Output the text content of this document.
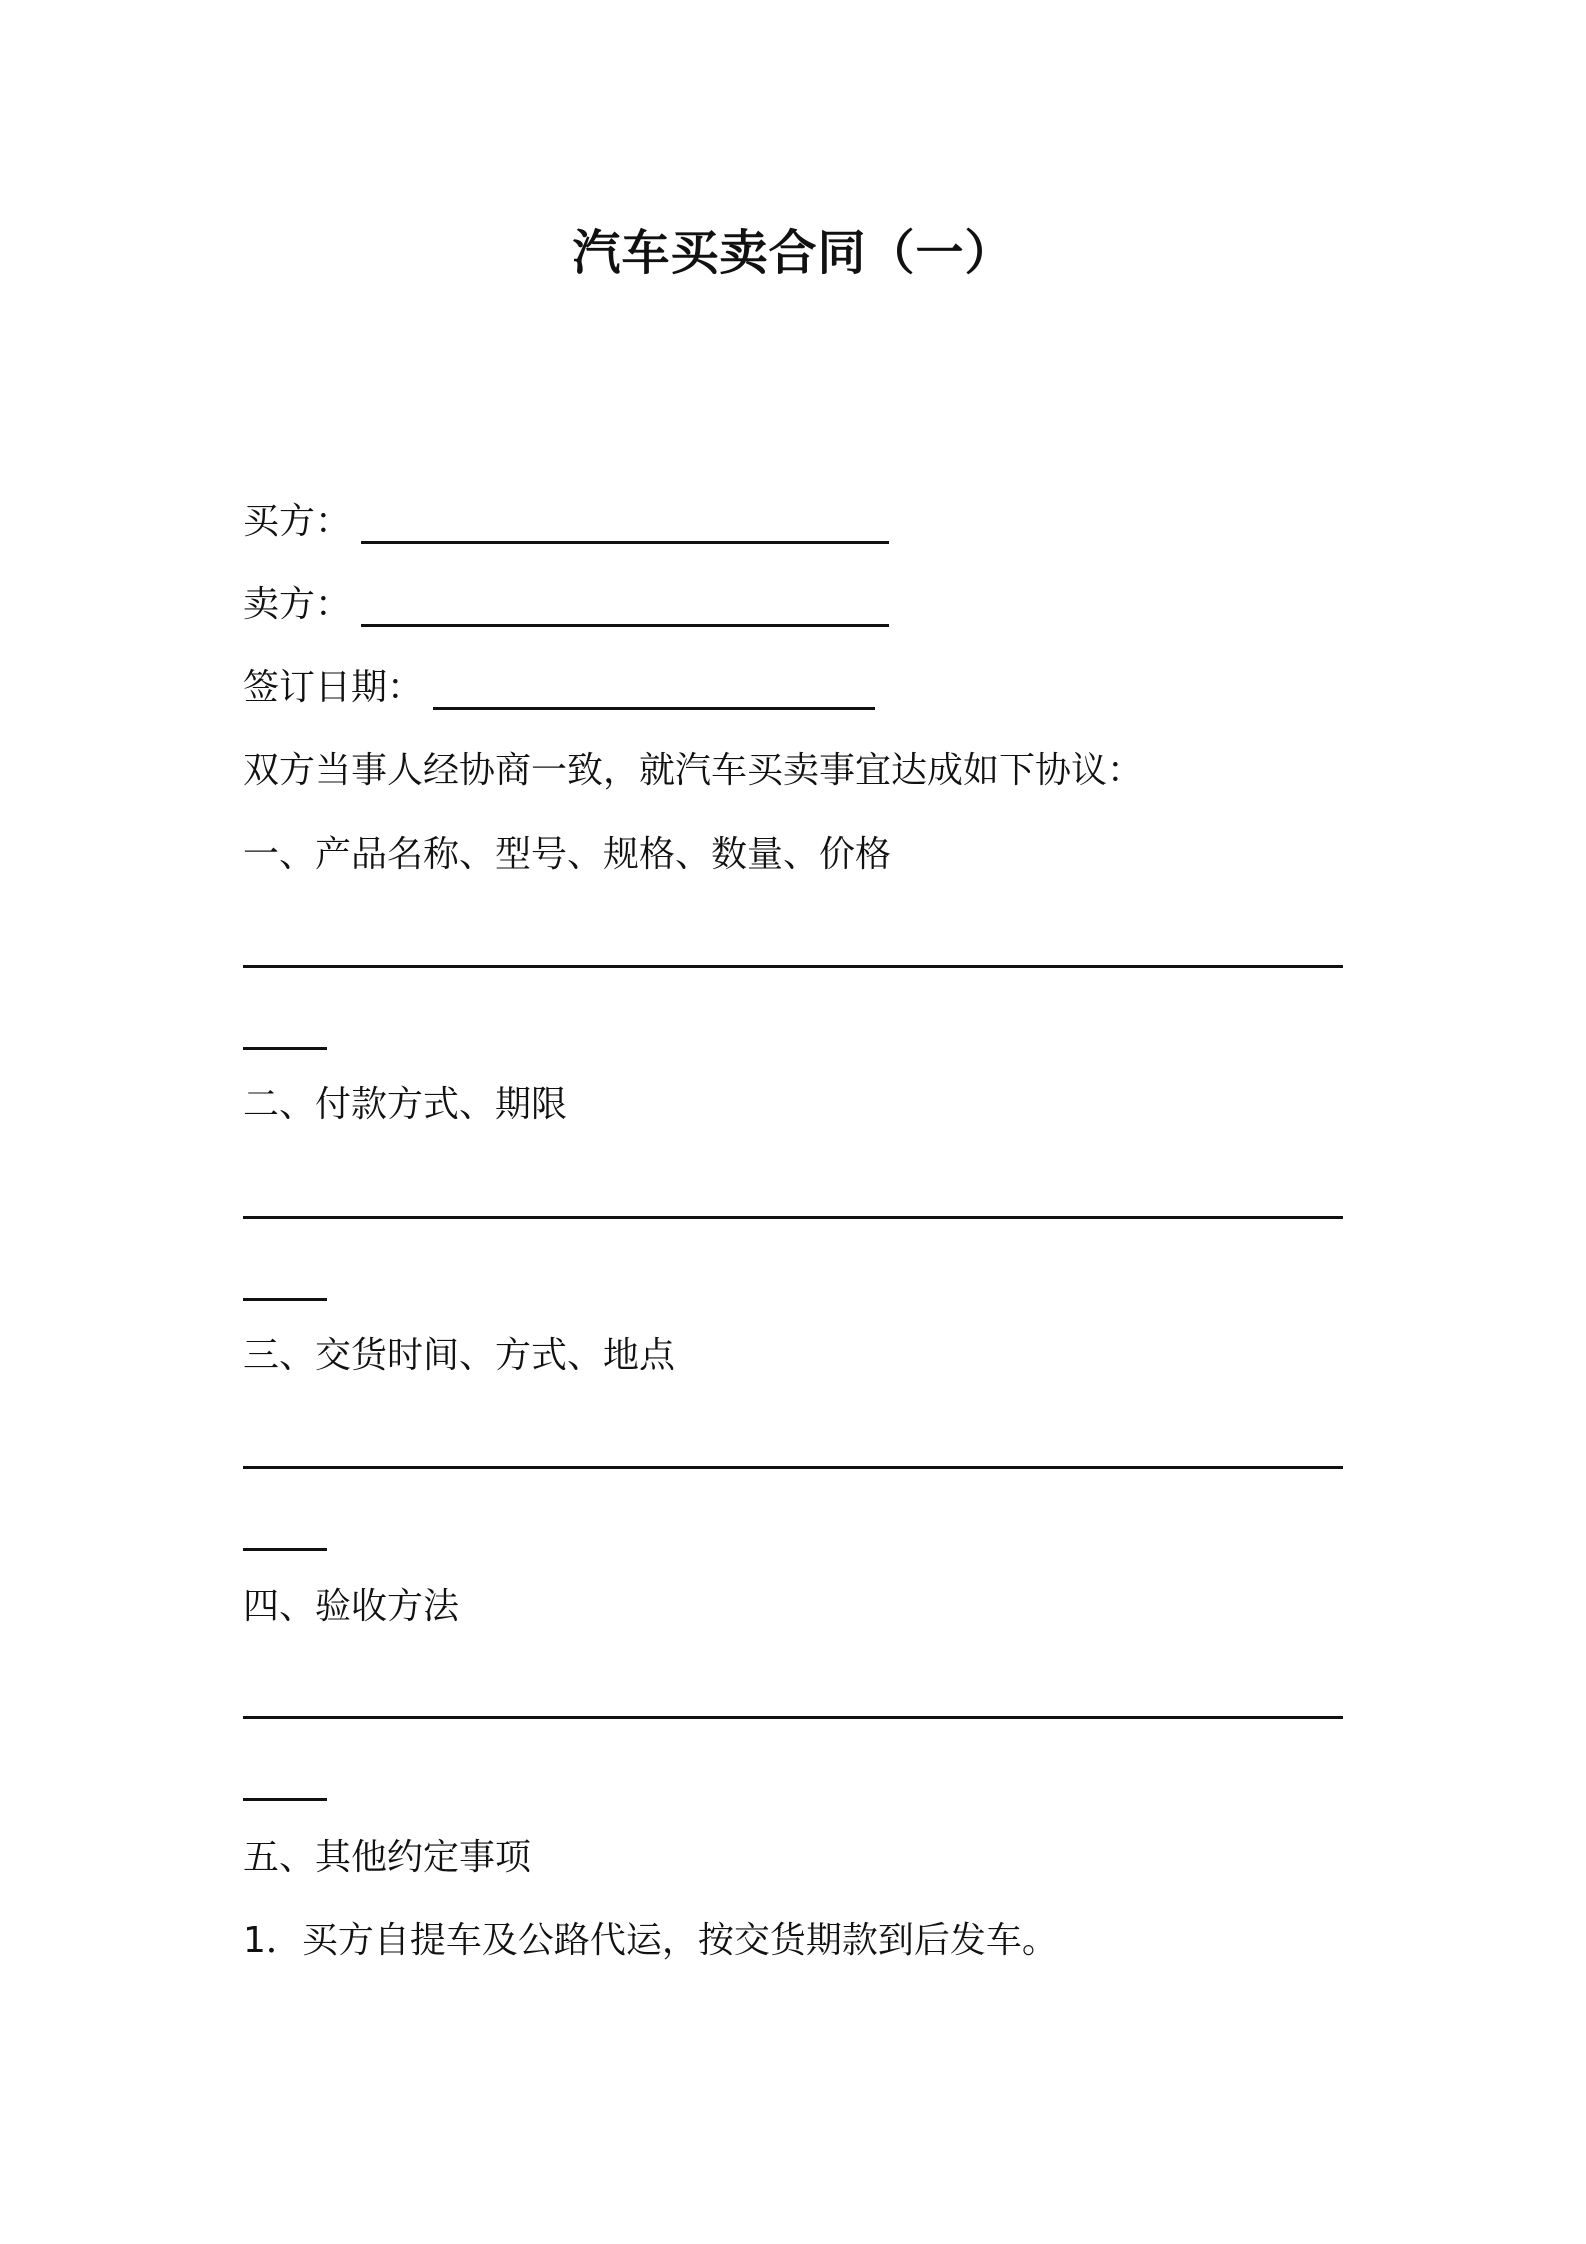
汽车买卖合同（一）
买方：
卖方：
签订日期：
双方当事人经协商一致，就汽车买卖事宜达成如下协议：
一、产品名称、型号、规格、数量、价格
二、付款方式、期限
三、交货时间、方式、地点
四、验收方法
五、其他约定事项
1．买方自提车及公路代运，按交货期款到后发车。
